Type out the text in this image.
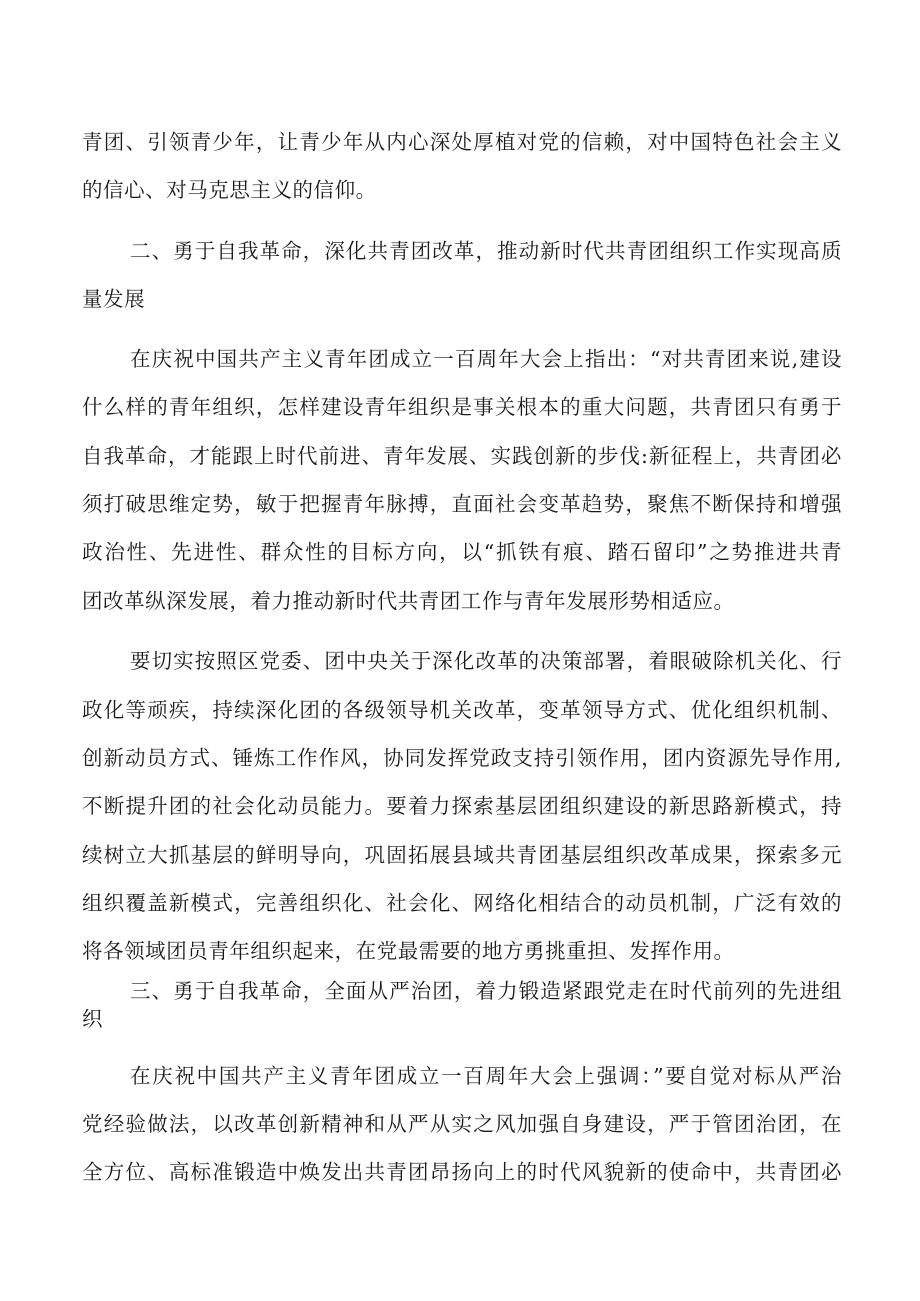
青团、引领青少年，让青少年从内心深处厚植对党的信赖，对中国特色社会主义
的信心、对马克思主义的信仰。
二、勇于自我革命，深化共青团改革，推动新时代共青团组织工作实现高质
量发展
在庆祝中国共产主义青年团成立一百周年大会上指出：“对共青团来说,建设
什么样的青年组织，怎样建设青年组织是事关根本的重大问题，共青团只有勇于
自我革命，才能跟上时代前进、青年发展、实践创新的步伐:新征程上，共青团必
须打破思维定势，敏于把握青年脉搏，直面社会变革趋势，聚焦不断保持和增强
政治性、先进性、群众性的目标方向，以“抓铁有痕、踏石留印”之势推进共青
团改革纵深发展，着力推动新时代共青团工作与青年发展形势相适应。
要切实按照区党委、团中央关于深化改革的决策部署，着眼破除机关化、行
政化等顽疾，持续深化团的各级领导机关改革，变革领导方式、优化组织机制、
创新动员方式、锤炼工作作风，协同发挥党政支持引领作用，团内资源先导作用,
不断提升团的社会化动员能力。要着力探索基层团组织建设的新思路新模式，持
续树立大抓基层的鲜明导向，巩固拓展县域共青团基层组织改革成果，探索多元
组织覆盖新模式，完善组织化、社会化、网络化相结合的动员机制，广泛有效的
将各领域团员青年组织起来，在党最需要的地方勇挑重担、发挥作用。
三、勇于自我革命，全面从严治团，着力锻造紧跟党走在时代前列的先进组
织
在庆祝中国共产主义青年团成立一百周年大会上强调：”要自觉对标从严治
党经验做法，以改革创新精神和从严从实之风加强自身建设，严于管团治团，在
全方位、高标准锻造中焕发出共青团昂扬向上的时代风貌新的使命中，共青团必
